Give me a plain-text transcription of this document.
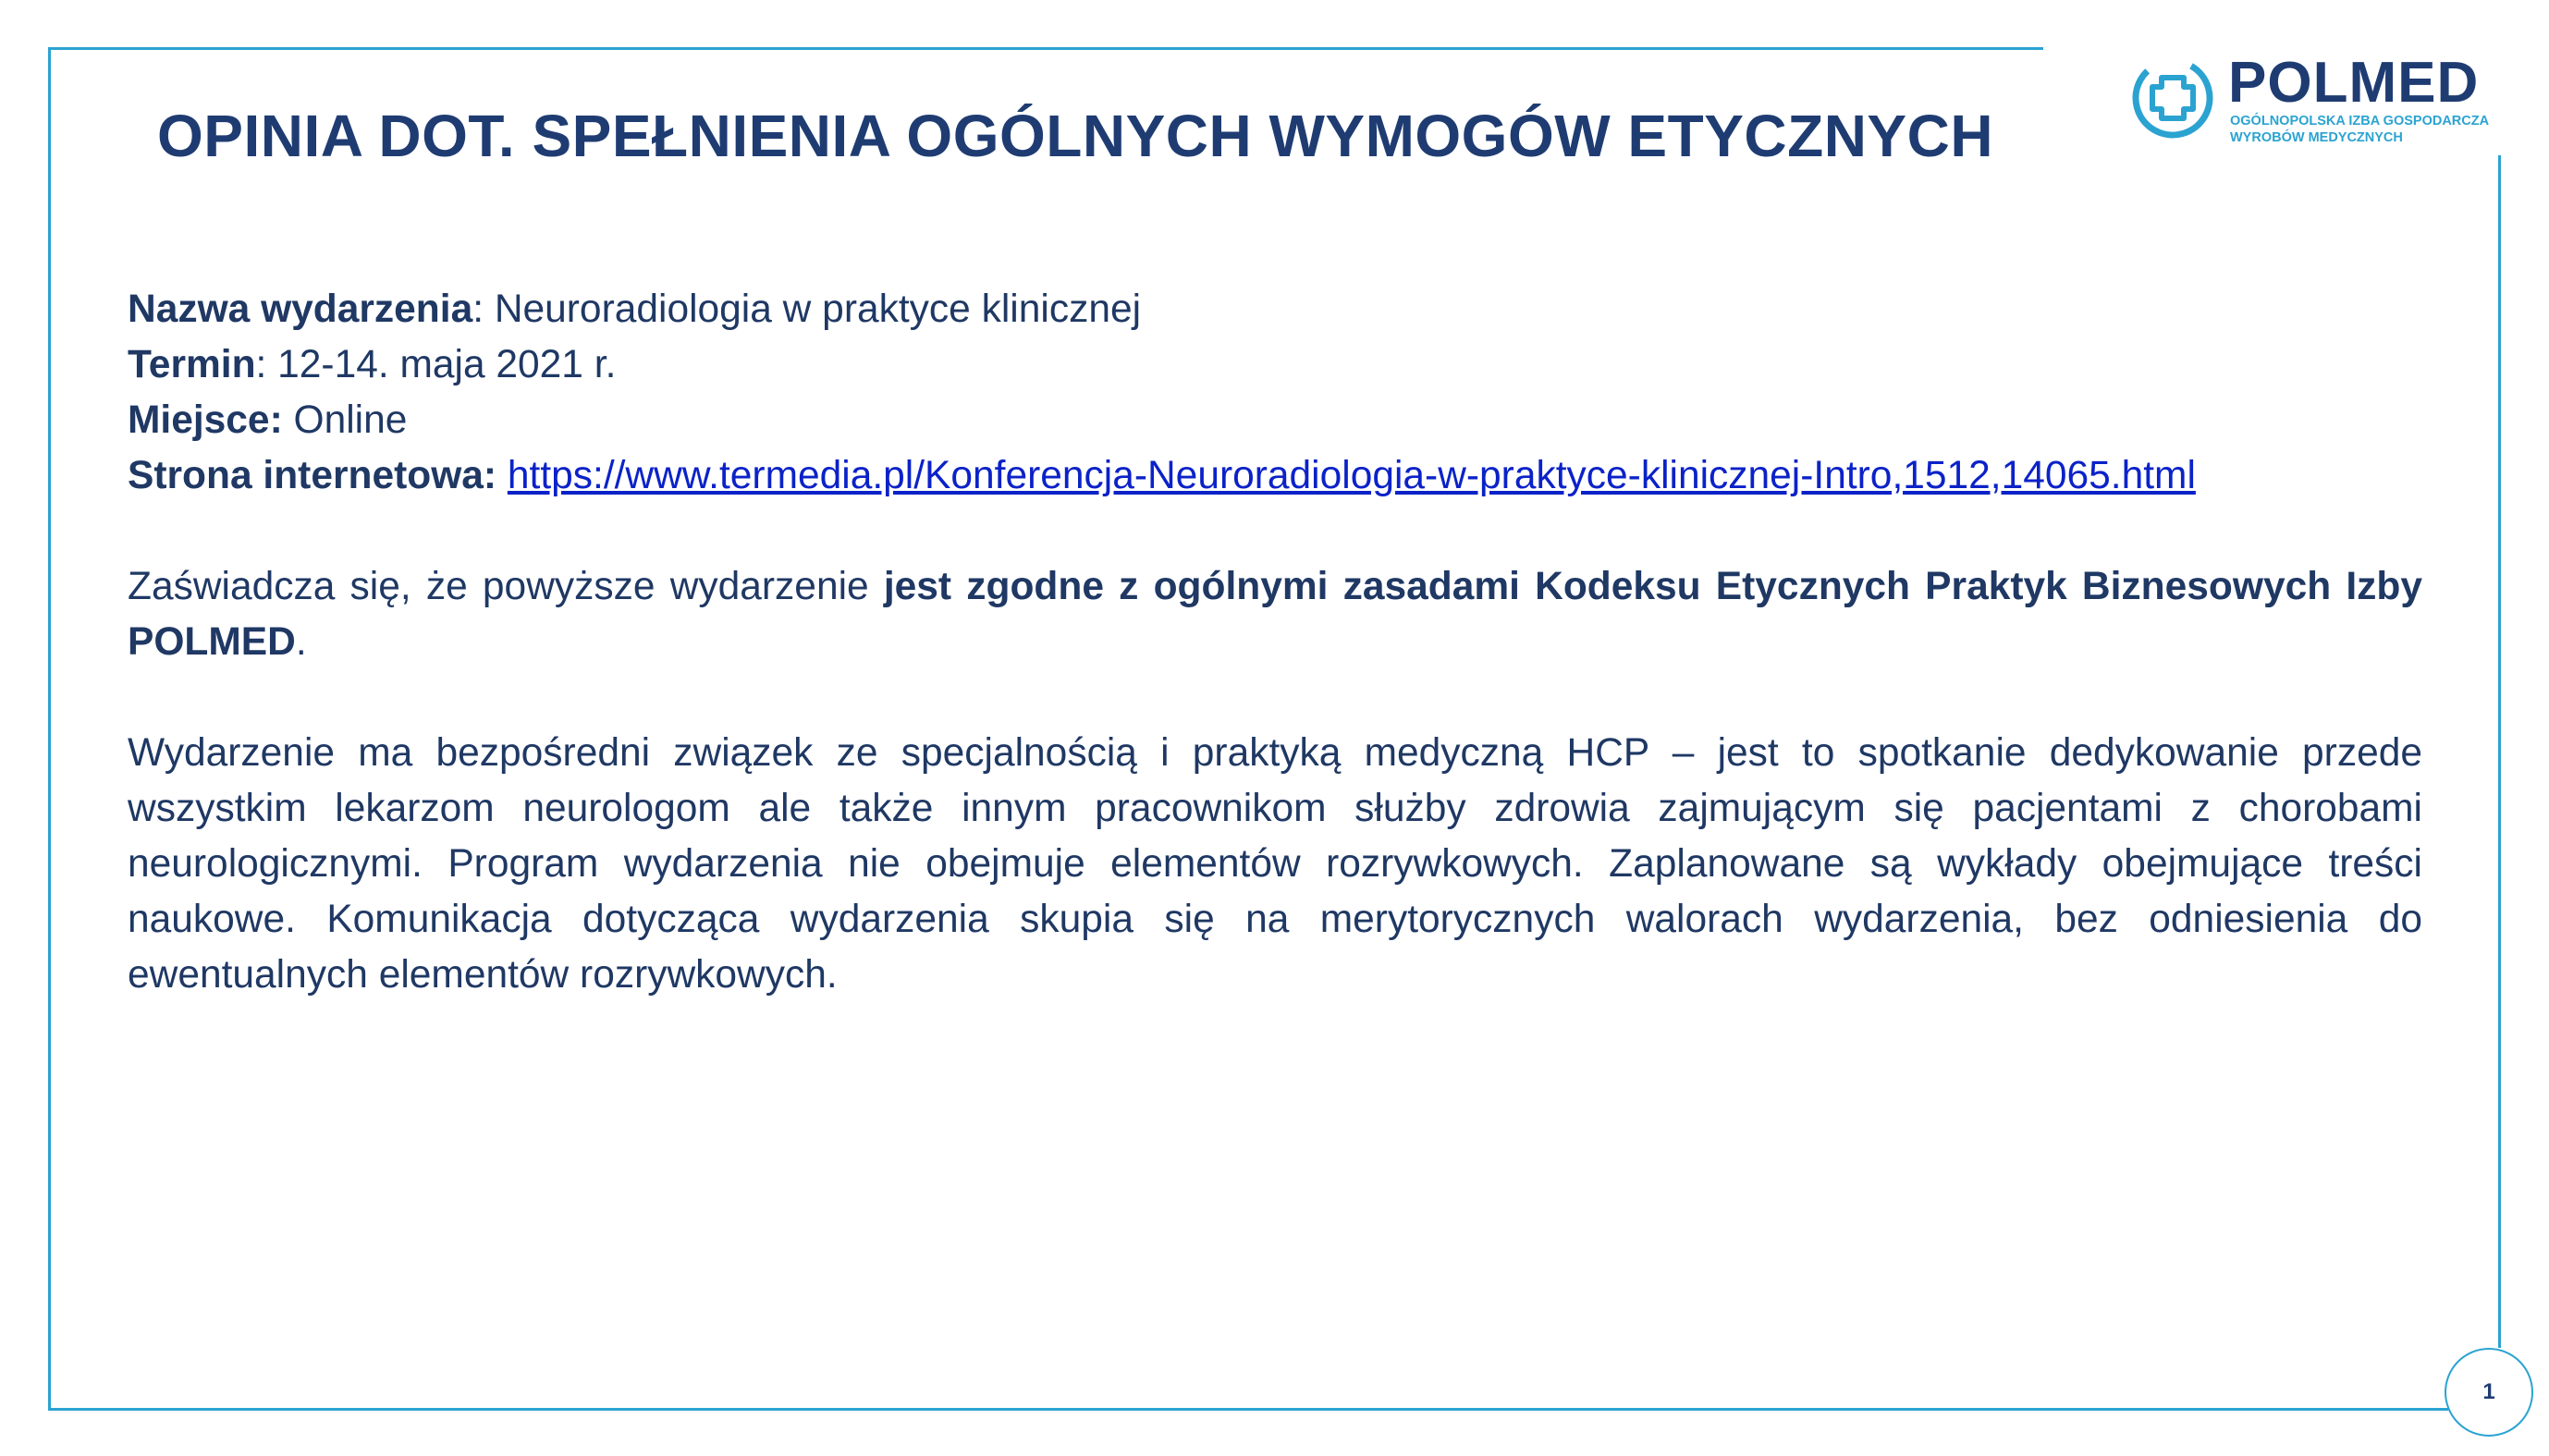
OPINIA DOT. SPEŁNIENIA OGÓLNYCH WYMOGÓW ETYCZNYCH
POLMED
OGÓLNOPOLSKA IZBA GOSPODARCZA
WYROBÓW MEDYCZNYCH
Nazwa wydarzenia: Neuroradiologia w praktyce klinicznej
Termin: 12-14. maja 2021 r.
Miejsce: Online
Strona internetowa: https://www.termedia.pl/Konferencja-Neuroradiologia-w-praktyce-klinicznej-Intro,1512,14065.html
Zaświadcza się, że powyższe wydarzenie jest zgodne z ogólnymi zasadami Kodeksu Etycznych Praktyk Biznesowych Izby POLMED.
Wydarzenie ma bezpośredni związek ze specjalnością i praktyką medyczną HCP – jest to spotkanie dedykowanie przede wszystkim lekarzom neurologom ale także innym pracownikom służby zdrowia zajmującym się pacjentami z chorobami neurologicznymi. Program wydarzenia nie obejmuje elementów rozrywkowych. Zaplanowane są wykłady obejmujące treści naukowe. Komunikacja dotycząca wydarzenia skupia się na merytorycznych walorach wydarzenia, bez odniesienia do ewentualnych elementów rozrywkowych.
1
